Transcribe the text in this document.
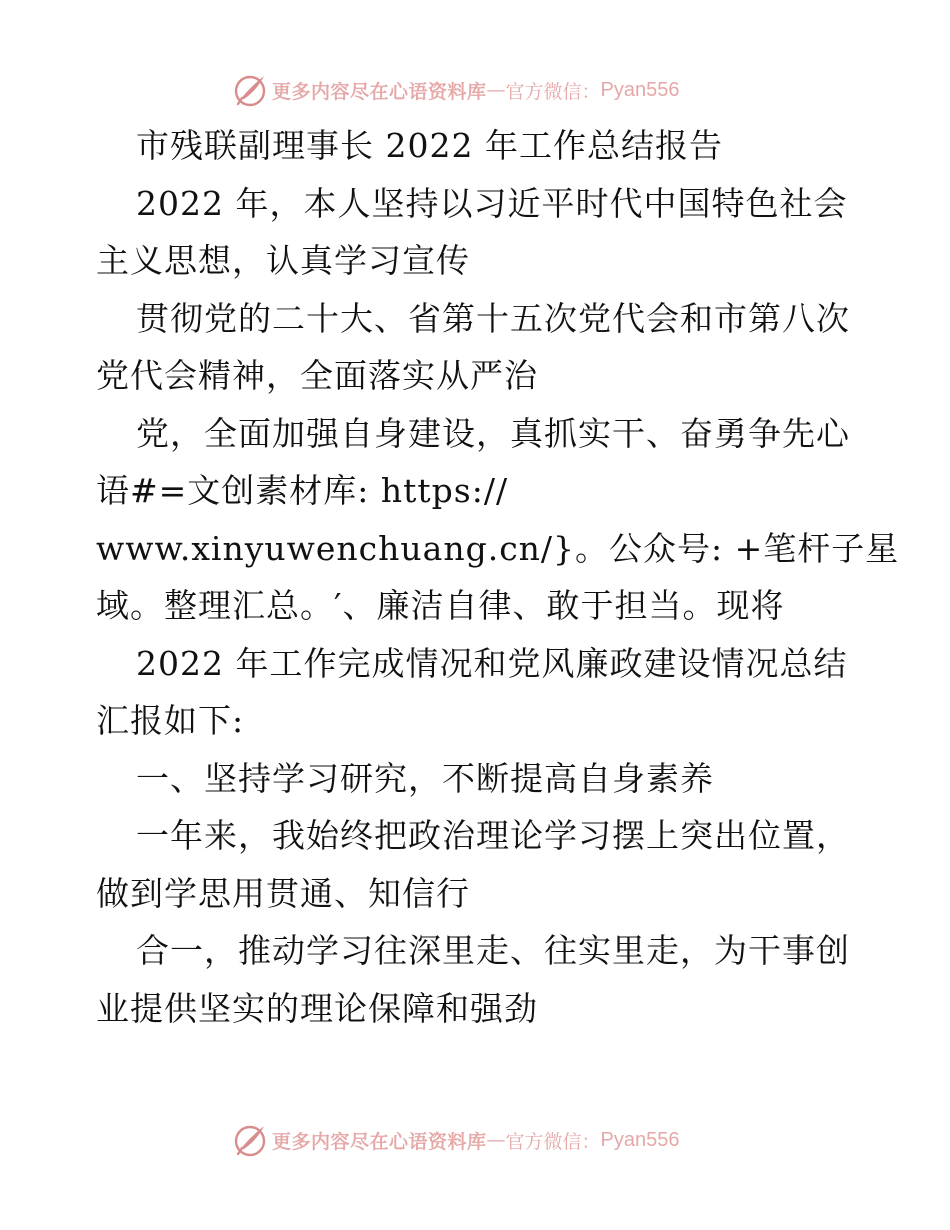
更多内容尽在心语资料库 — 官方微信： Pyan556
市残联副理事长 2022 年工作总结报告
2022 年，本人坚持以习近平时代中国特色社会
主义思想，认真学习宣传
贯彻党的二十大、省第十五次党代会和市第八次
党代会精神，全面落实从严治
党，全面加强自身建设，真抓实干、奋勇争先心
语#=文创素材库: https://
www.xinyuwenchuang.cn/}。公众号: +笔杆子星
域。整理汇总。′、廉洁自律、敢于担当。现将
2022 年工作完成情况和党风廉政建设情况总结
汇报如下:
一、坚持学习研究，不断提高自身素养
一年来，我始终把政治理论学习摆上突出位置，
做到学思用贯通、知信行
合一，推动学习往深里走、往实里走，为干事创
业提供坚实的理论保障和强劲
更多内容尽在心语资料库 — 官方微信： Pyan556
